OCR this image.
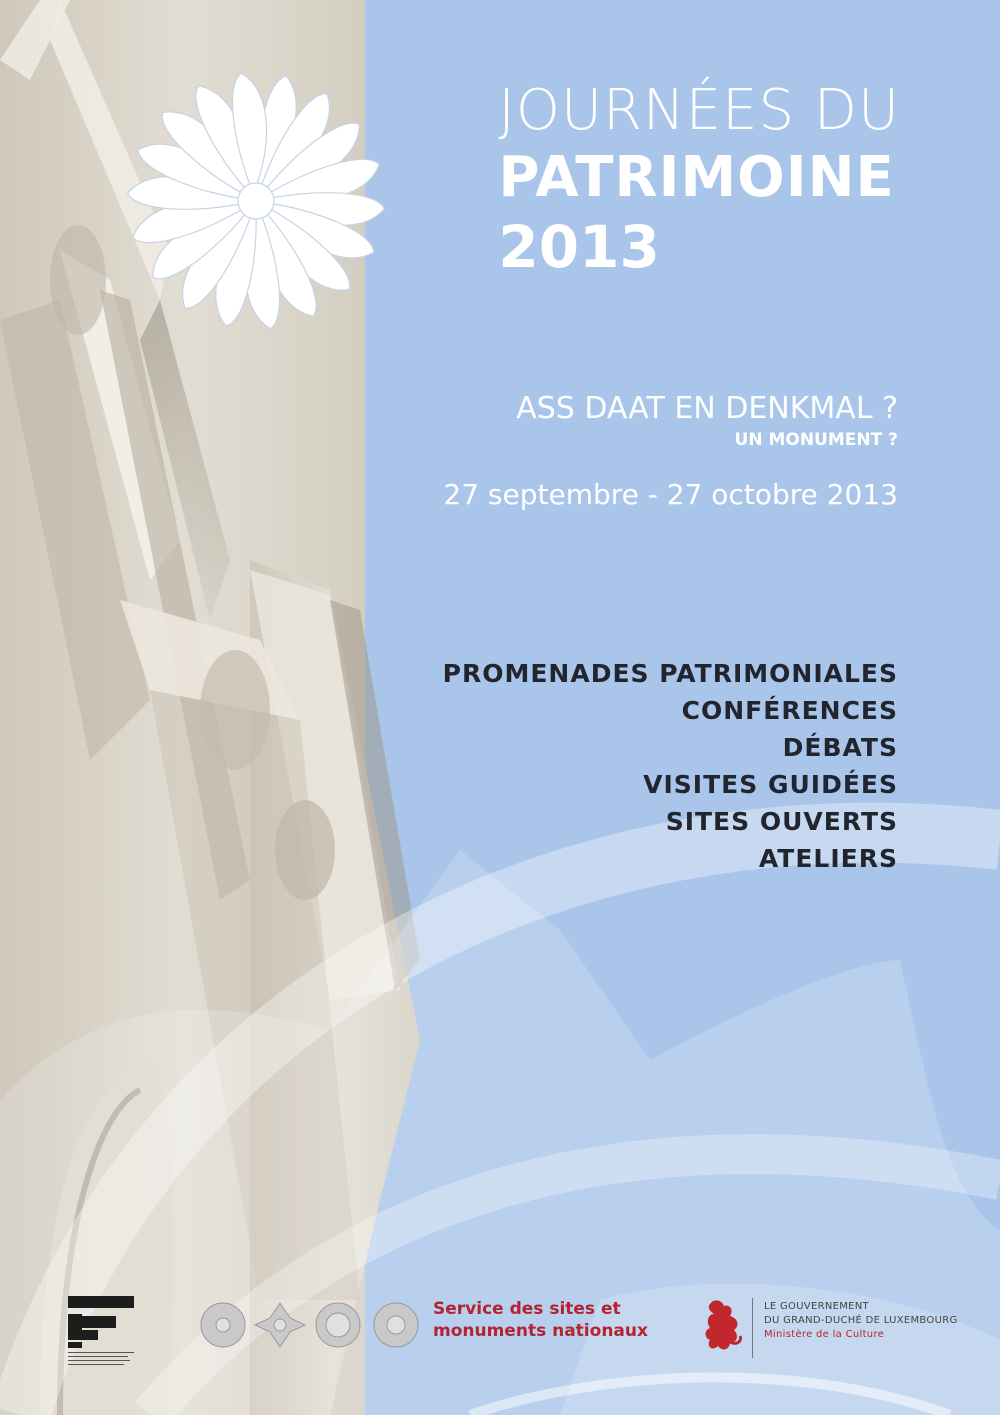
JOURNÉES DU
PATRIMOINE
2013
ASS DAAT EN DENKMAL ?
UN MONUMENT ?
27 septembre - 27 octobre 2013
PROMENADES PATRIMONIALES
CONFÉRENCES
DÉBATS
VISITES GUIDÉES
SITES OUVERTS
ATELIERS
Service des sites et
monuments nationaux
LE GOUVERNEMENT
DU GRAND-DUCHÉ DE LUXEMBOURG
Ministère de la Culture
